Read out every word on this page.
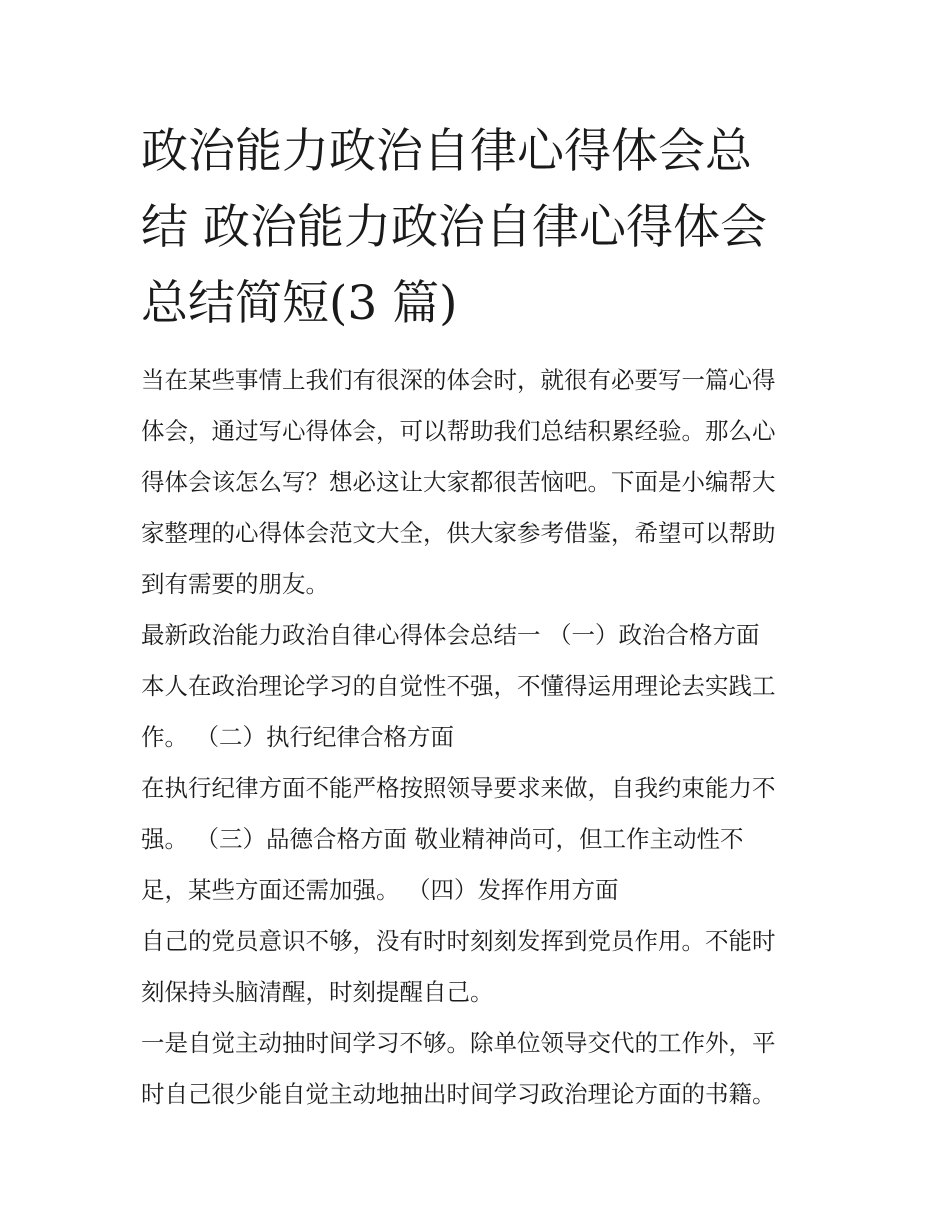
政治能力政治自律心得体会总
结 政治能力政治自律心得体会
总结简短(3 篇)
当在某些事情上我们有很深的体会时，就很有必要写一篇心得
体会，通过写心得体会，可以帮助我们总结积累经验。那么心
得体会该怎么写？想必这让大家都很苦恼吧。下面是小编帮大
家整理的心得体会范文大全，供大家参考借鉴，希望可以帮助
到有需要的朋友。
最新政治能力政治自律心得体会总结一 （一）政治合格方面
本人在政治理论学习的自觉性不强，不懂得运用理论去实践工
作。 （二）执行纪律合格方面
在执行纪律方面不能严格按照领导要求来做，自我约束能力不
强。 （三）品德合格方面 敬业精神尚可，但工作主动性不
足，某些方面还需加强。 （四）发挥作用方面
自己的党员意识不够，没有时时刻刻发挥到党员作用。不能时
刻保持头脑清醒，时刻提醒自己。
一是自觉主动抽时间学习不够。除单位领导交代的工作外，平
时自己很少能自觉主动地抽出时间学习政治理论方面的书籍。
